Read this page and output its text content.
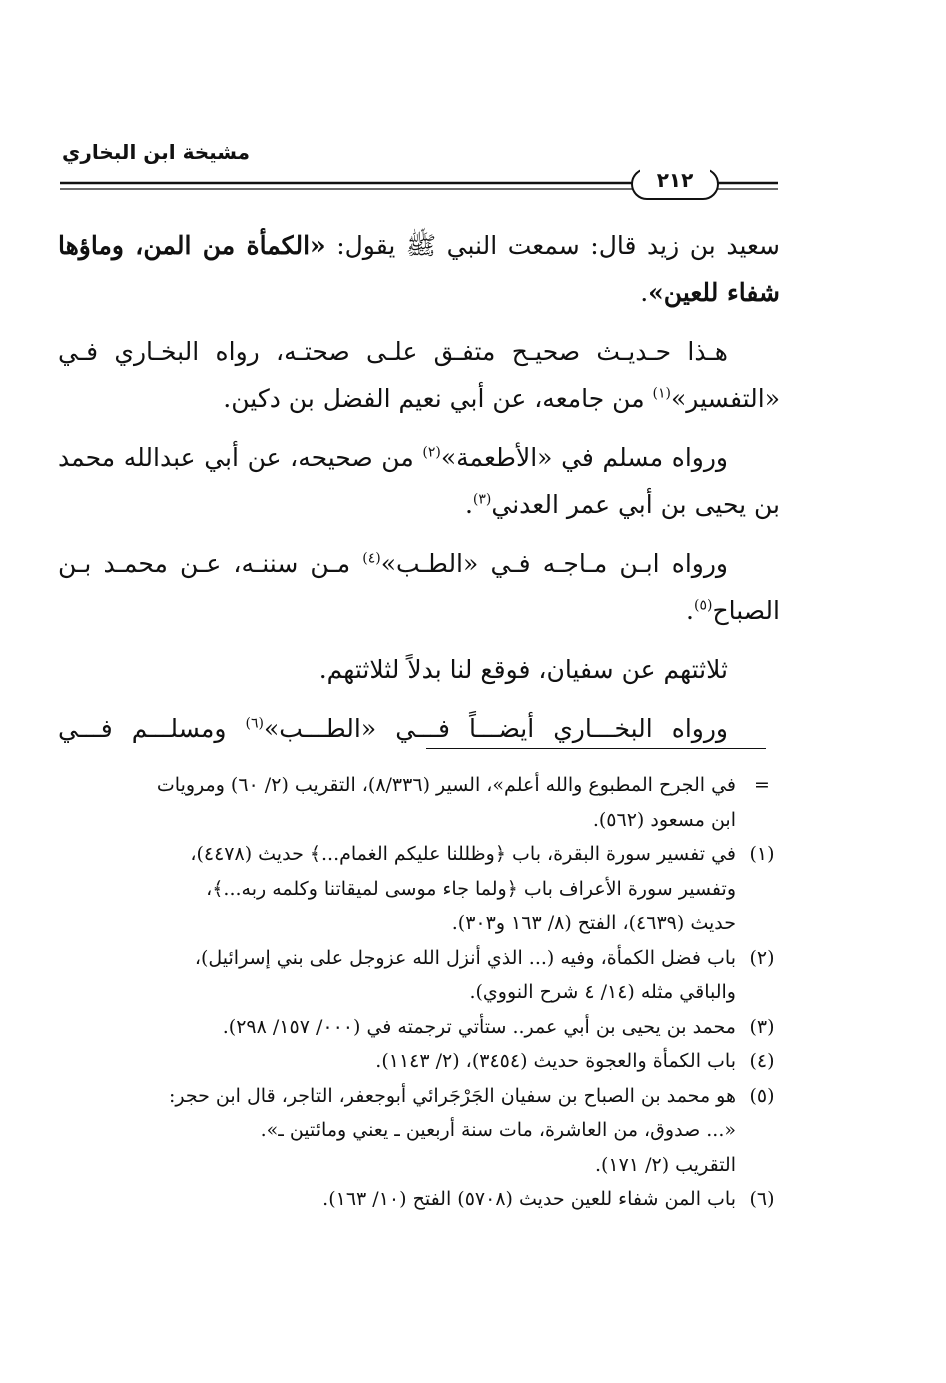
مشيخة ابن البخاري
٢١٢

سعيد بن زيد قال: سمعت النبي ﷺ يقول: «الكمأة من المن، وماؤها شفاء للعين».

هـذا حـديـث صحيـح متفـق علـى صحتـه، رواه البخـاري فـي «التفسير»$^{(١)}$ من جامعه، عن أبي نعيم الفضل بن دكين.

ورواه مسلم في «الأطعمة»$^{(٢)}$ من صحيحه، عن أبي عبدالله محمد بن يحيى بن أبي عمر العدني$^{(٣)}$.

ورواه ابـن مـاجـه فـي «الطـب»$^{(٤)}$ مـن سننـه، عـن محمـد بـن الصباح$^{(٥)}$.

ثلاثتهم عن سفيان، فوقع لنا بدلاً لثلاثتهم.

ورواه البخـــاري أيضـــاً فـــي «الطـــب»$^{(٦)}$ ومسلـــم فـــي

=
في الجرح المطبوع والله أعلم»، السير (٨/٣٣٦)، التقريب (٢/ ٦٠) ومرويات
ابن مسعود (٥٦٢).
(١)
في تفسير سورة البقرة، باب ﴿وظللنا عليكم الغمام...﴾ حديث (٤٤٧٨)،
وتفسير سورة الأعراف باب ﴿ولما جاء موسى لميقاتنا وكلمه ربه...﴾،
حديث (٤٦٣٩)، الفتح (٨/ ١٦٣ و٣٠٣).
(٢)
باب فضل الكمأة، وفيه (... الذي أنزل الله عزوجل على بني إسرائيل)،
والباقي مثله (١٤/ ٤ شرح النووي).
(٣)
محمد بن يحيى بن أبي عمر.. ستأتي ترجمته في (٠٠٠/ ١٥٧/ ٢٩٨).
(٤)
باب الكمأة والعجوة حديث (٣٤٥٤)، (٢/ ١١٤٣).
(٥)
هو محمد بن الصباح بن سفيان الجَرْجَرائي أبوجعفر، التاجر، قال ابن حجر:
«... صدوق، من العاشرة، مات سنة أربعين ـ يعني ومائتين ـ».
التقريب (٢/ ١٧١).
(٦)
باب المن شفاء للعين حديث (٥٧٠٨) الفتح (١٠/ ١٦٣).
